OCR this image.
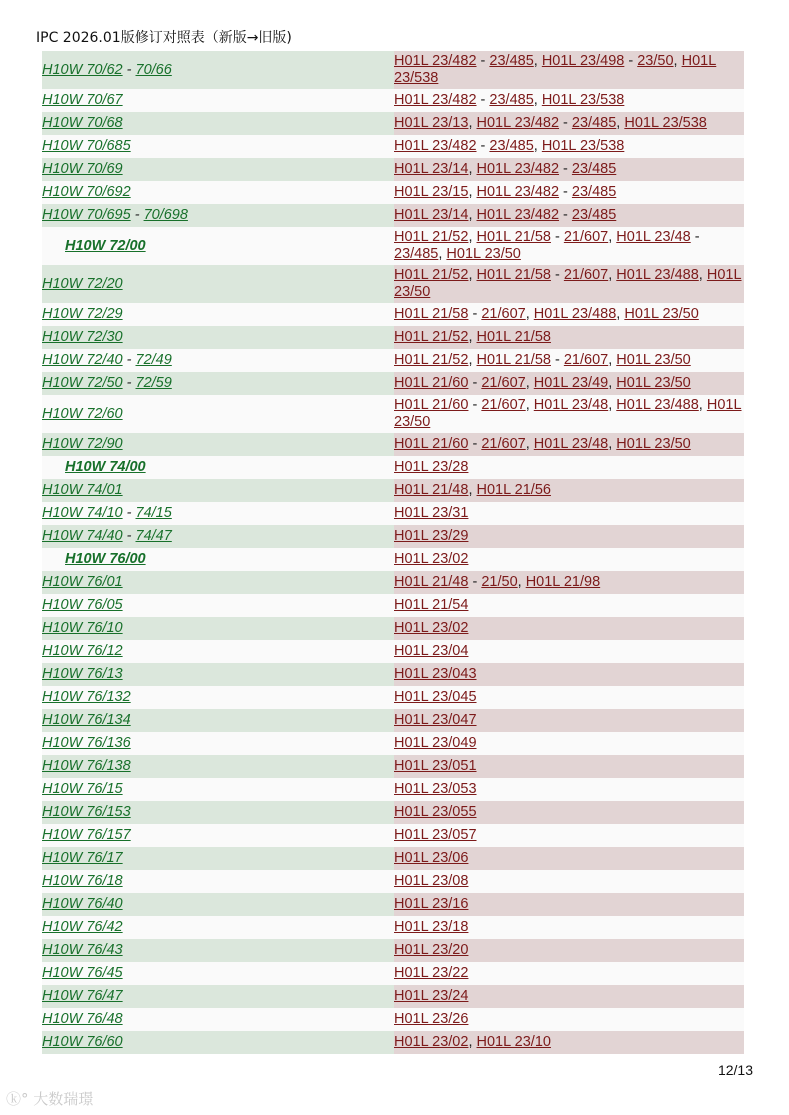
IPC 2026.01版修订对照表（新版→旧版)
H10W 70/62 - 70/66	H01L 23/482 - 23/485, H01L 23/498 - 23/50, H01L 23/538
H10W 70/67	H01L 23/482 - 23/485, H01L 23/538
H10W 70/68	H01L 23/13, H01L 23/482 - 23/485, H01L 23/538
H10W 70/685	H01L 23/482 - 23/485, H01L 23/538
H10W 70/69	H01L 23/14, H01L 23/482 - 23/485
H10W 70/692	H01L 23/15, H01L 23/482 - 23/485
H10W 70/695 - 70/698	H01L 23/14, H01L 23/482 - 23/485
H10W 72/00	H01L 21/52, H01L 21/58 - 21/607, H01L 23/48 - 23/485, H01L 23/50
H10W 72/20	H01L 21/52, H01L 21/58 - 21/607, H01L 23/488, H01L 23/50
H10W 72/29	H01L 21/58 - 21/607, H01L 23/488, H01L 23/50
H10W 72/30	H01L 21/52, H01L 21/58
H10W 72/40 - 72/49	H01L 21/52, H01L 21/58 - 21/607, H01L 23/50
H10W 72/50 - 72/59	H01L 21/60 - 21/607, H01L 23/49, H01L 23/50
H10W 72/60	H01L 21/60 - 21/607, H01L 23/48, H01L 23/488, H01L 23/50
H10W 72/90	H01L 21/60 - 21/607, H01L 23/48, H01L 23/50
H10W 74/00	H01L 23/28
H10W 74/01	H01L 21/48, H01L 21/56
H10W 74/10 - 74/15	H01L 23/31
H10W 74/40 - 74/47	H01L 23/29
H10W 76/00	H01L 23/02
H10W 76/01	H01L 21/48 - 21/50, H01L 21/98
H10W 76/05	H01L 21/54
H10W 76/10	H01L 23/02
H10W 76/12	H01L 23/04
H10W 76/13	H01L 23/043
H10W 76/132	H01L 23/045
H10W 76/134	H01L 23/047
H10W 76/136	H01L 23/049
H10W 76/138	H01L 23/051
H10W 76/15	H01L 23/053
H10W 76/153	H01L 23/055
H10W 76/157	H01L 23/057
H10W 76/17	H01L 23/06
H10W 76/18	H01L 23/08
H10W 76/40	H01L 23/16
H10W 76/42	H01L 23/18
H10W 76/43	H01L 23/20
H10W 76/45	H01L 23/22
H10W 76/47	H01L 23/24
H10W 76/48	H01L 23/26
H10W 76/60	H01L 23/02, H01L 23/10
12/13
ⓚ° 大数瑞璟
